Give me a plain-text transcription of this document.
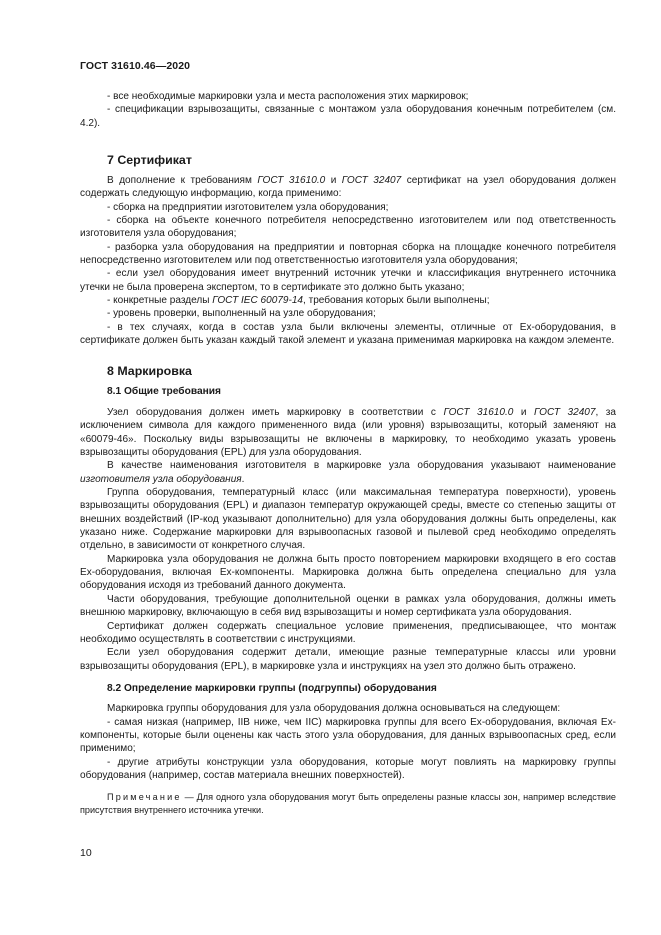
ГОСТ 31610.46—2020

- все необходимые маркировки узла и места расположения этих маркировок;

- спецификации взрывозащиты, связанные с монтажом узла оборудования конечным потребителем (см. 4.2).

7 Сертификат

В дополнение к требованиям ГОСТ 31610.0 и ГОСТ 32407 сертификат на узел оборудования должен содержать следующую информацию, когда применимо:

- сборка на предприятии изготовителем узла оборудования;

- сборка на объекте конечного потребителя непосредственно изготовителем или под ответственность изготовителя узла оборудования;

- разборка узла оборудования на предприятии и повторная сборка на площадке конечного потребителя непосредственно изготовителем или под ответственностью изготовителя узла оборудования;

- если узел оборудования имеет внутренний источник утечки и классификация внутреннего источника утечки не была проверена экспертом, то в сертификате это должно быть указано;

- конкретные разделы ГОСТ IEC 60079-14, требования которых были выполнены;

- уровень проверки, выполненный на узле оборудования;

- в тех случаях, когда в состав узла были включены элементы, отличные от Ех-оборудования, в сертификате должен быть указан каждый такой элемент и указана применимая маркировка на каждом элементе.

8 Маркировка
8.1 Общие требования

Узел оборудования должен иметь маркировку в соответствии с ГОСТ 31610.0 и ГОСТ 32407, за исключением символа для каждого примененного вида (или уровня) взрывозащиты, который заменяют на «60079-46». Поскольку виды взрывозащиты не включены в маркировку, то необходимо указать уровень взрывозащиты оборудования (EPL) для узла оборудования.

В качестве наименования изготовителя в маркировке узла оборудования указывают наименование изготовителя узла оборудования.

Группа оборудования, температурный класс (или максимальная температура поверхности), уровень взрывозащиты оборудования (EPL) и диапазон температур окружающей среды, вместе со степенью защиты от внешних воздействий (IP-код указывают дополнительно) для узла оборудования должны быть определены, как указано ниже. Содержание маркировки для взрывоопасных газовой и пылевой сред необходимо определять отдельно, в зависимости от конкретного случая.

Маркировка узла оборудования не должна быть просто повторением маркировки входящего в его состав Ех-оборудования, включая Ех-компоненты. Маркировка должна быть определена специально для узла оборудования исходя из требований данного документа.

Части оборудования, требующие дополнительной оценки в рамках узла оборудования, должны иметь внешнюю маркировку, включающую в себя вид взрывозащиты и номер сертификата узла оборудования.

Сертификат должен содержать специальное условие применения, предписывающее, что монтаж необходимо осуществлять в соответствии с инструкциями.

Если узел оборудования содержит детали, имеющие разные температурные классы или уровни взрывозащиты оборудования (EPL), в маркировке узла и инструкциях на узел это должно быть отражено.

8.2 Определение маркировки группы (подгруппы) оборудования

Маркировка группы оборудования для узла оборудования должна основываться на следующем:

- самая низкая (например, IIB ниже, чем IIC) маркировка группы для всего Ех-оборудования, включая Ех-компоненты, которые были оценены как часть этого узла оборудования, для данных взрывоопасных сред, если применимо;

- другие атрибуты конструкции узла оборудования, которые могут повлиять на маркировку группы оборудования (например, состав материала внешних поверхностей).

Примечание — Для одного узла оборудования могут быть определены разные классы зон, например вследствие присутствия внутреннего источника утечки.

10
